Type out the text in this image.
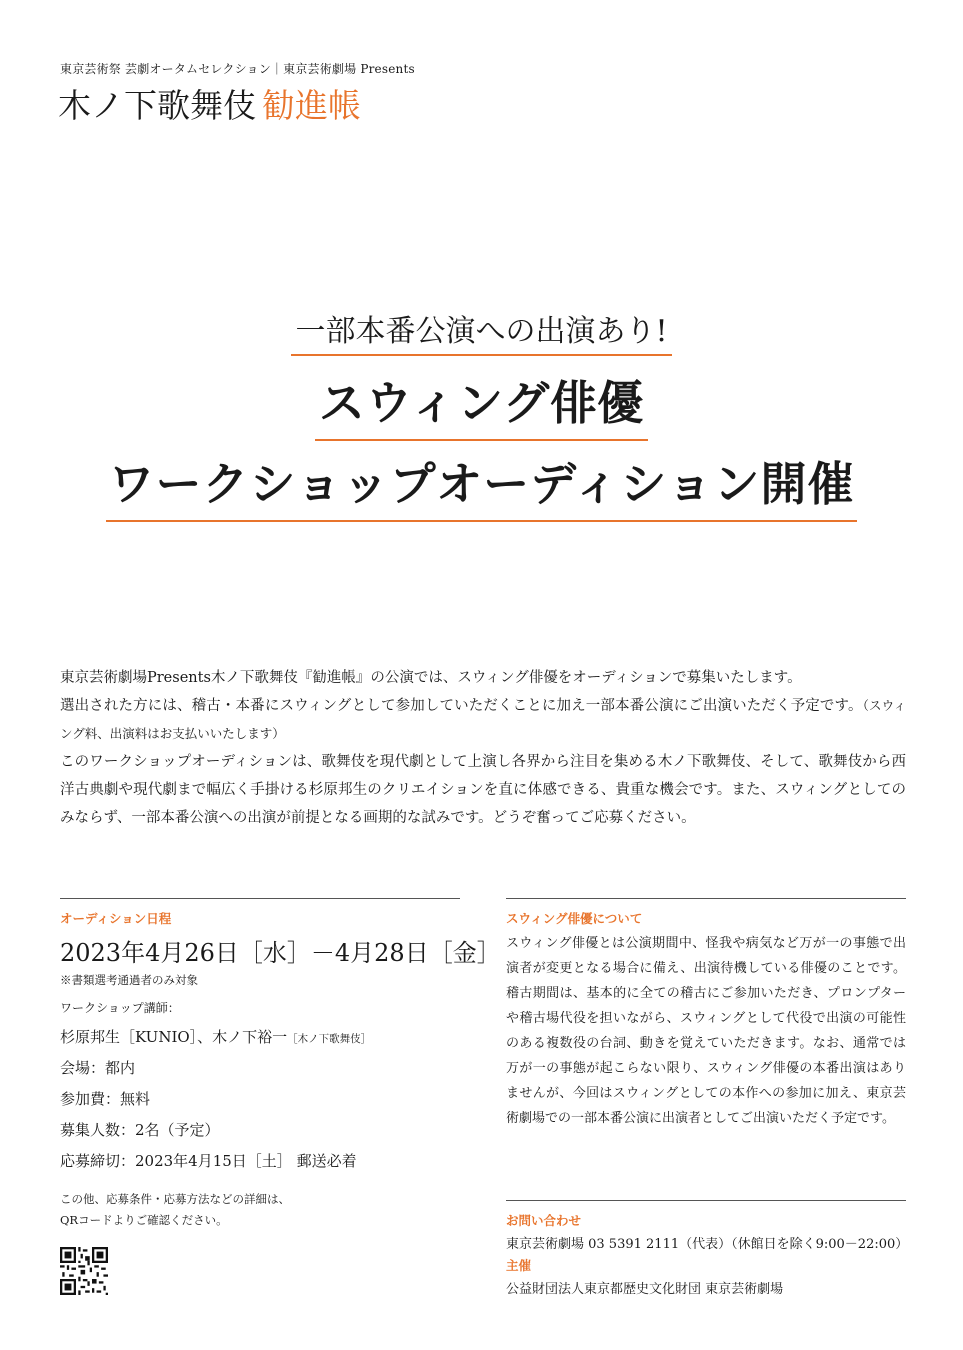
東京芸術祭 芸劇オータムセレクション｜東京芸術劇場 Presents
木ノ下歌舞伎 勧進帳
一部本番公演への出演あり!
スウィング俳優
ワークショップオーディション開催

東京芸術劇場Presents木ノ下歌舞伎『勧進帳』の公演では、スウィング俳優をオーディションで募集いたします。

選出された方には、稽古・本番にスウィングとして参加していただくことに加え一部本番公演にご出演いただく予定です。（スウィング料、出演料はお支払いいたします）

このワークショップオーディションは、歌舞伎を現代劇として上演し各界から注目を集める木ノ下歌舞伎、そして、歌舞伎から西洋古典劇や現代劇まで幅広く手掛ける杉原邦生のクリエイションを直に体感できる、貴重な機会です。また、スウィングとしてのみならず、一部本番公演への出演が前提となる画期的な試みです。どうぞ奮ってご応募ください。

オーディション日程
2023年4月26日［水］－4月28日［金］
※書類選考通過者のみ対象
ワークショップ講師：
杉原邦生［KUNIO］、木ノ下裕一［木ノ下歌舞伎］
会場：都内
参加費：無料
募集人数：2名（予定）
応募締切：2023年4月15日［土］ 郵送必着
この他、応募条件・応募方法などの詳細は、
QRコードよりご確認ください。
スウィング俳優について
スウィング俳優とは公演期間中、怪我や病気など万が一の事態で出演者が変更となる場合に備え、出演待機している俳優のことです。稽古期間は、基本的に全ての稽古にご参加いただき、プロンプターや稽古場代役を担いながら、スウィングとして代役で出演の可能性のある複数役の台詞、動きを覚えていただきます。なお、通常では万が一の事態が起こらない限り、スウィング俳優の本番出演はありませんが、今回はスウィングとしての本作への参加に加え、東京芸術劇場での一部本番公演に出演者としてご出演いただく予定です。
お問い合わせ
東京芸術劇場 03 5391 2111（代表）（休館日を除く9:00－22:00）
主催
公益財団法人東京都歴史文化財団 東京芸術劇場
